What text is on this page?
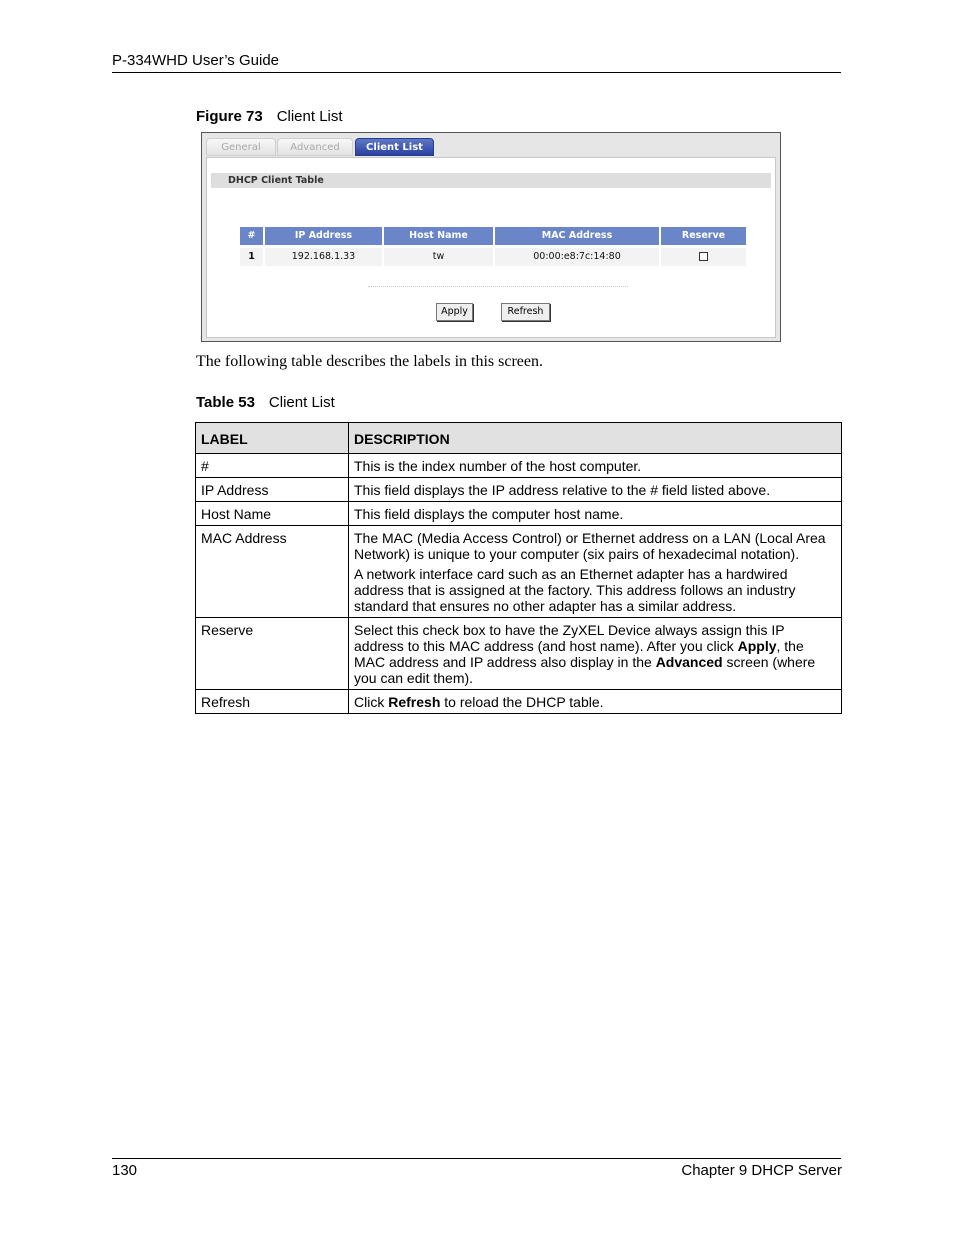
P-334WHD User’s Guide
Figure 73 Client List
General	Advanced	Client List
DHCP Client Table
#	IP Address	Host Name	MAC Address	Reserve
1	192.168.1.33	tw	00:00:e8:7c:14:80
Apply	Refresh
The following table describes the labels in this screen.
Table 53 Client List
LABEL	DESCRIPTION
#	This is the index number of the host computer.
IP Address	This field displays the IP address relative to the # field listed above.
Host Name	This field displays the computer host name.
MAC Address	The MAC (Media Access Control) or Ethernet address on a LAN (Local Area Network) is unique to your computer (six pairs of hexadecimal notation).

A network interface card such as an Ethernet adapter has a hardwired address that is assigned at the factory. This address follows an industry standard that ensures no other adapter has a similar address.

Reserve	Select this check box to have the ZyXEL Device always assign this IP address to this MAC address (and host name). After you click Apply, the MAC address and IP address also display in the Advanced screen (where you can edit them).
Refresh	Click Refresh to reload the DHCP table.
130	Chapter 9 DHCP Server
